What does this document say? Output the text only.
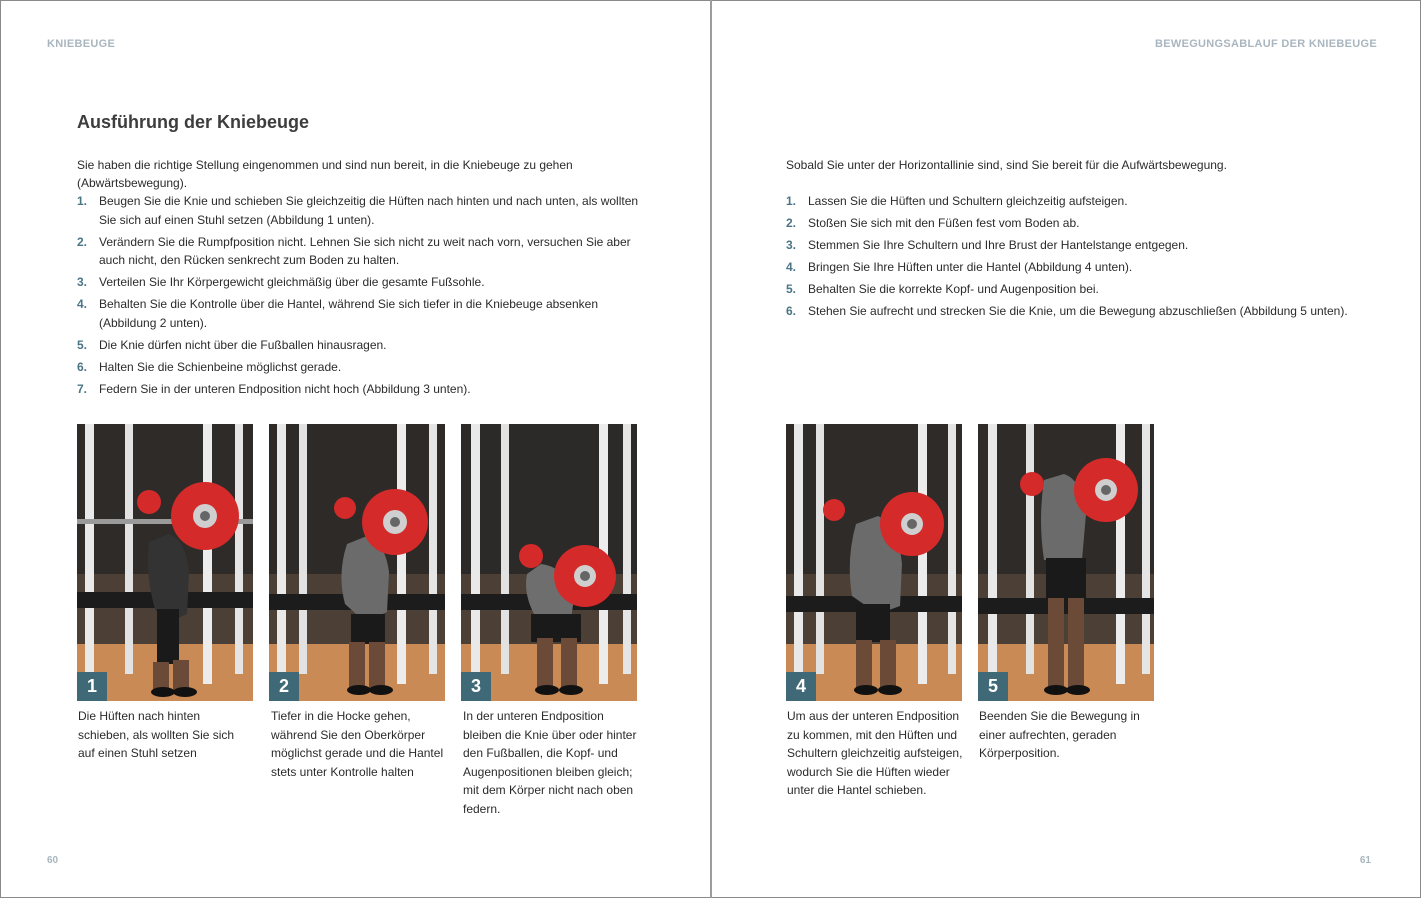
KNIEBEUGE
Ausführung der Kniebeuge

Sie haben die richtige Stellung eingenommen und sind nun bereit, in die Kniebeuge zu gehen (Abwärtsbewegung).

1. Beugen Sie die Knie und schieben Sie gleichzeitig die Hüften nach hinten und nach unten, als wollten Sie sich auf einen Stuhl setzen (Abbildung 1 unten).
2. Verändern Sie die Rumpfposition nicht. Lehnen Sie sich nicht zu weit nach vorn, versuchen Sie aber auch nicht, den Rücken senkrecht zum Boden zu halten.
3. Verteilen Sie Ihr Körpergewicht gleichmäßig über die gesamte Fußsohle.
4. Behalten Sie die Kontrolle über die Hantel, während Sie sich tiefer in die Kniebeuge absenken (Abbildung 2 unten).
5. Die Knie dürfen nicht über die Fußballen hinausragen.
6. Halten Sie die Schienbeine möglichst gerade.
7. Federn Sie in der unteren Endposition nicht hoch (Abbildung 3 unten).
1	2	3

Die Hüften nach hinten schieben, als wollten Sie sich auf einen Stuhl setzen

Tiefer in die Hocke gehen, während Sie den Oberkörper möglichst gerade und die Hantel stets unter Kontrolle halten

In der unteren Endposition bleiben die Knie über oder hinter den Fußballen, die Kopf- und Augenpositionen bleiben gleich; mit dem Körper nicht nach oben federn.

60
BEWEGUNGSABLAUF DER KNIEBEUGE

Sobald Sie unter der Horizontallinie sind, sind Sie bereit für die Aufwärtsbewegung.

1. Lassen Sie die Hüften und Schultern gleichzeitig aufsteigen.
2. Stoßen Sie sich mit den Füßen fest vom Boden ab.
3. Stemmen Sie Ihre Schultern und Ihre Brust der Hantelstange entgegen.
4. Bringen Sie Ihre Hüften unter die Hantel (Abbildung 4 unten).
5. Behalten Sie die korrekte Kopf- und Augenposition bei.
6. Stehen Sie aufrecht und strecken Sie die Knie, um die Bewegung abzuschließen (Abbildung 5 unten).
4	5

Um aus der unteren Endposition zu kommen, mit den Hüften und Schultern gleichzeitig aufsteigen, wodurch Sie die Hüften wieder unter die Hantel schieben.

Beenden Sie die Bewegung in einer aufrechten, geraden Körperposition.

61
